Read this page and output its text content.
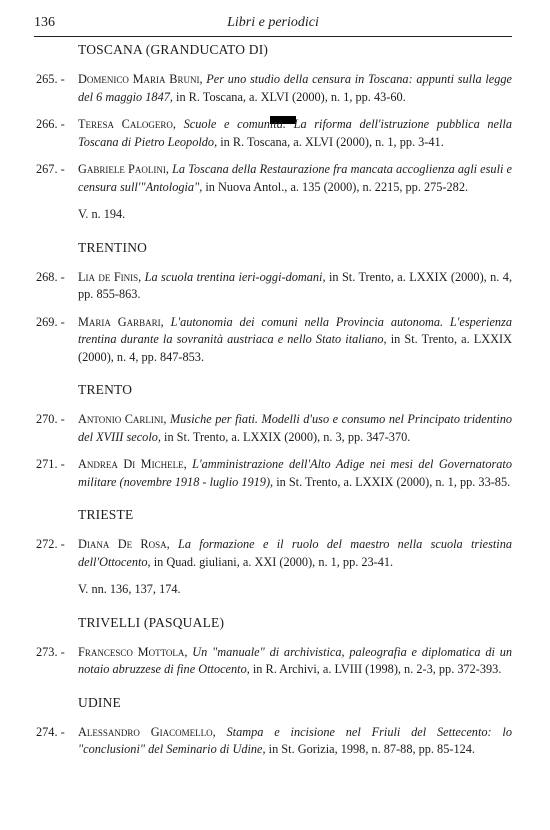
136	Libri e periodici
TOSCANA (GRANDUCATO DI)
265. -	Domenico Maria Bruni, Per uno studio della censura in Toscana: appunti sulla legge del 6 maggio 1847, in R. Toscana, a. XLVI (2000), n. 1, pp. 43-60.
266. -	Teresa Calogero, Scuole e comunità. La riforma dell'istruzione pubblica nella Toscana di Pietro Leopoldo, in R. Toscana, a. XLVI (2000), n. 1, pp. 3-41.
267. -	Gabriele Paolini, La Toscana della Restaurazione fra mancata accoglienza agli esuli e censura sull'"Antologia", in Nuova Antol., a. 135 (2000), n. 2215, pp. 275-282.
V. n. 194.
TRENTINO
268. -	Lia de Finis, La scuola trentina ieri-oggi-domani, in St. Trento, a. LXXIX (2000), n. 4, pp. 855-863.
269. -	Maria Garbari, L'autonomia dei comuni nella Provincia autonoma. L'esperienza trentina durante la sovranità austriaca e nello Stato italiano, in St. Trento, a. LXXIX (2000), n. 4, pp. 847-853.
TRENTO
270. -	Antonio Carlini, Musiche per fiati. Modelli d'uso e consumo nel Principato tridentino del XVIII secolo, in St. Trento, a. LXXIX (2000), n. 3, pp. 347-370.
271. -	Andrea Di Michele, L'amministrazione dell'Alto Adige nei mesi del Governatorato militare (novembre 1918 - luglio 1919), in St. Trento, a. LXXIX (2000), n. 1, pp. 33-85.
TRIESTE
272. -	Diana De Rosa, La formazione e il ruolo del maestro nella scuola triestina dell'Ottocento, in Quad. giuliani, a. XXI (2000), n. 1, pp. 23-41.
V. nn. 136, 137, 174.
TRIVELLI (PASQUALE)
273. -	Francesco Mottola, Un "manuale" di archivistica, paleografia e diplomatica di un notaio abruzzese di fine Ottocento, in R. Archivi, a. LVIII (1998), n. 2-3, pp. 372-393.
UDINE
274. -	Alessandro Giacomello, Stampa e incisione nel Friuli del Settecento: lo "conclusioni" del Seminario di Udine, in St. Gorizia, 1998, n. 87-88, pp. 85-124.
